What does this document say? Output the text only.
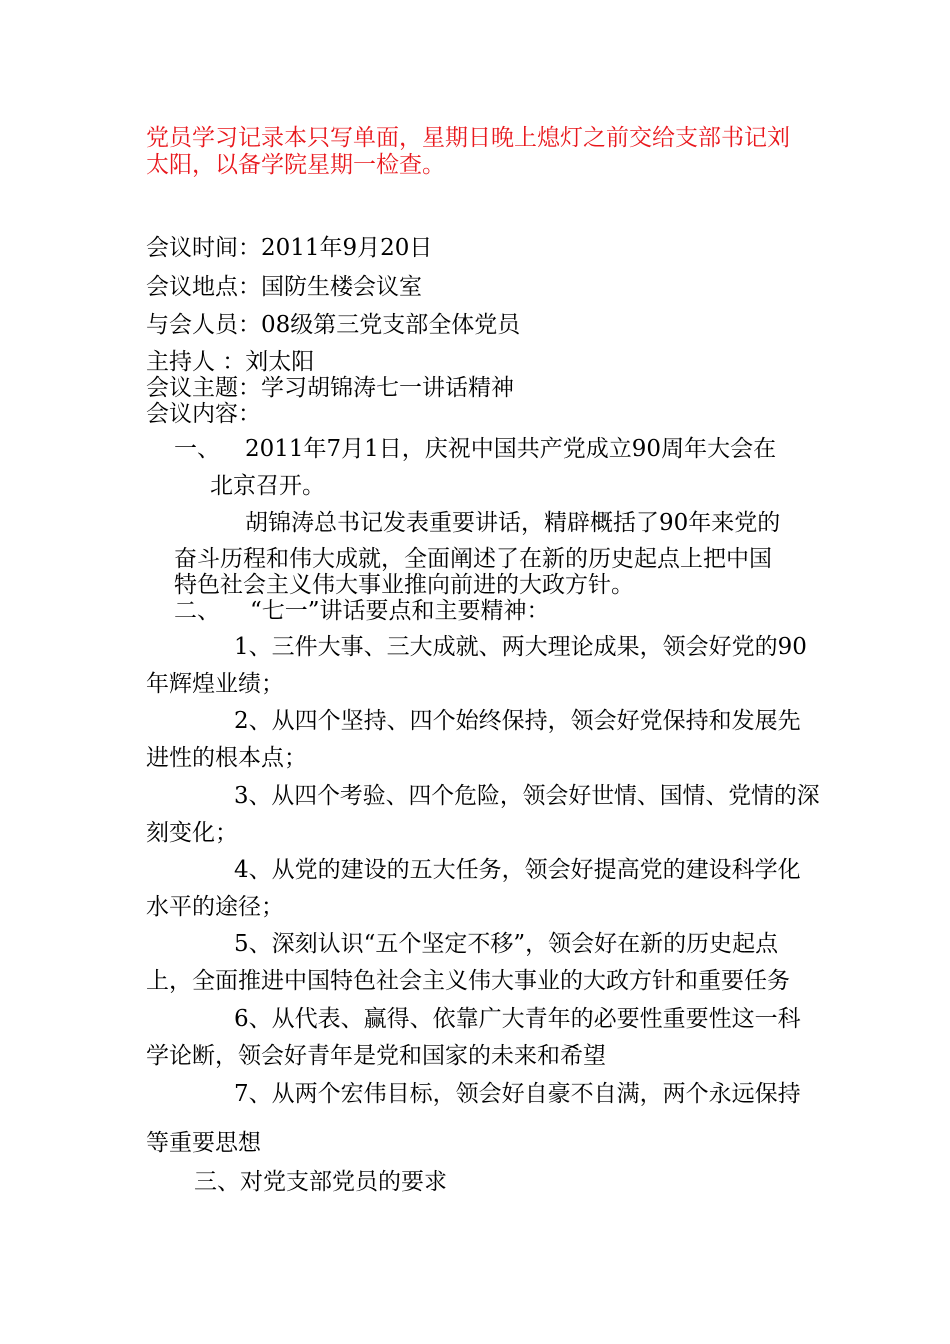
党员学习记录本只写单面，星期日晚上熄灯之前交给支部书记刘
太阳，以备学院星期一检查。
会议时间：2011年9月20日
会议地点：国防生楼会议室
与会人员：08级第三党支部全体党员
主持人 ：刘太阳
会议主题：学习胡锦涛七一讲话精神
会议内容：
一、 2011年7月1日，庆祝中国共产党成立90周年大会在
北京召开。
胡锦涛总书记发表重要讲话，精辟概括了90年来党的
奋斗历程和伟大成就，全面阐述了在新的历史起点上把中国
特色社会主义伟大事业推向前进的大政方针。
二、 “七一”讲话要点和主要精神：
1、三件大事、三大成就、两大理论成果，领会好党的90
年辉煌业绩；
2、从四个坚持、四个始终保持，领会好党保持和发展先
进性的根本点；
3、从四个考验、四个危险，领会好世情、国情、党情的深
刻变化；
4、从党的建设的五大任务，领会好提高党的建设科学化
水平的途径；
5、深刻认识“五个坚定不移”，领会好在新的历史起点
上，全面推进中国特色社会主义伟大事业的大政方针和重要任务
6、从代表、赢得、依靠广大青年的必要性重要性这一科
学论断，领会好青年是党和国家的未来和希望
7、从两个宏伟目标，领会好自豪不自满，两个永远保持
等重要思想
三、对党支部党员的要求
